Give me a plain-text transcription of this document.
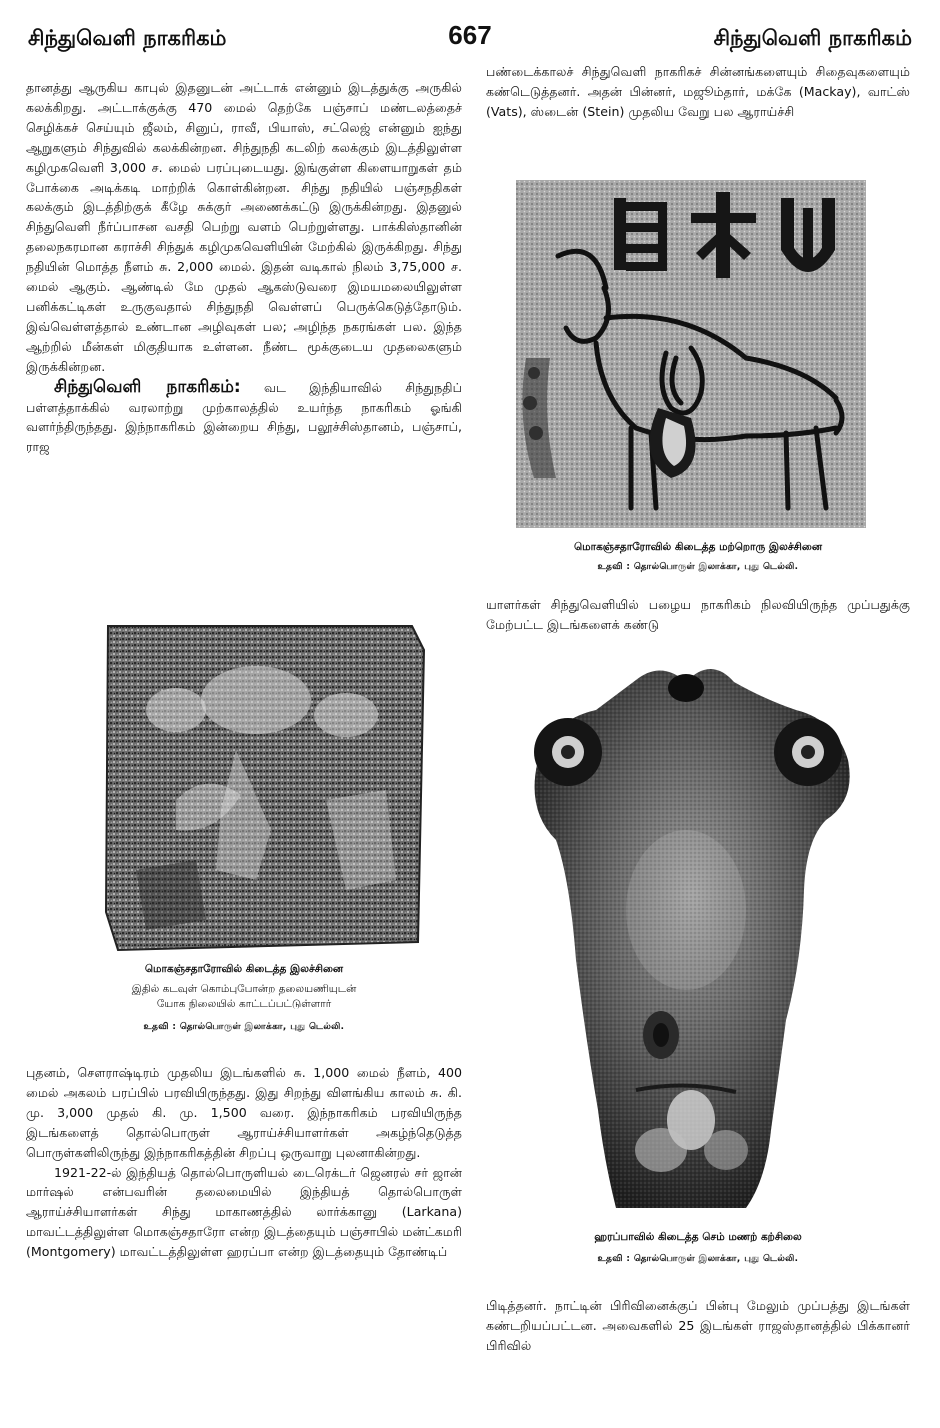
சிந்துவெளி நாகரிகம்	667	சிந்துவெளி நாகரிகம்

தானத்து ஆருகிய காபுல் இதனுடன் அட்டாக் என்னும் இடத்துக்கு அருகில் கலக்கிறது. அட்டாக்குக்கு 470 மைல் தெற்கே பஞ்சாப் மண்டலத்தைச் செழிக்கச் செய்யும் ஜீலம், சினுப், ராவீ, பியாஸ், சட்லெஜ் என்னும் ஐந்து ஆறுகளும் சிந்துவில் கலக்கின்றன. சிந்துநதி கடலிற் கலக்கும் இடத்திலுள்ள கழிமுகவெளி 3,000 ச. மைல் பரப்புடையது. இங்குள்ள கிளையாறுகள் தம் போக்கை அடிக்கடி மாற்றிக் கொள்கின்றன. சிந்து நதியில் பஞ்சநதிகள் கலக்கும் இடத்திற்குக் கீழே சுக்குர் அணைக்கட்டு இருக்கின்றது. இதனுல் சிந்துவெளி நீர்ப்பாசன வசதி பெற்று வளம் பெற்றுள்ளது. பாக்கிஸ்தானின் தலைநகரமான கராச்சி சிந்துக் கழிமுகவெளியின் மேற்கில் இருக்கிறது. சிந்து நதியின் மொத்த நீளம் சு. 2,000 மைல். இதன் வடிகால் நிலம் 3,75,000 ச. மைல் ஆகும். ஆண்டில் மே முதல் ஆகஸ்டுவரை இமயமலையிலுள்ள பனிக்கட்டிகள் உருகுவதால் சிந்துநதி வெள்ளப் பெருக்கெடுத்தோடும். இவ்வெள்ளத்தால் உண்டான அழிவுகள் பல; அழிந்த நகரங்கள் பல. இந்த ஆற்றில் மீன்கள் மிகுதியாக உள்ளன. நீண்ட மூக்குடைய முதலைகளும் இருக்கின்றன.

சிந்துவெளி நாகரிகம்: வட இந்தியாவில் சிந்துநதிப் பள்ளத்தாக்கில் வரலாற்று முற்காலத்தில் உயர்ந்த நாகரிகம் ஓங்கி வளர்ந்திருந்தது. இந்நாகரிகம் இன்றைய சிந்து, பலூச்சிஸ்தானம், பஞ்சாப், ராஜ

மொகஞ்சதாரோவில் கிடைத்த இலச்சினை
இதில் கடவுள் கொம்புபோன்ற தலையணியுடன்
யோக நிலையில் காட்டப்பட்டுள்ளார்
உதவி : தொல்பொருள் இலாக்கா, புது டெல்லி.

புதனம், சௌராஷ்டிரம் முதலிய இடங்களில் சு. 1,000 மைல் நீளம், 400 மைல் அகலம் பரப்பில் பரவியிருந்தது. இது சிறந்து விளங்கிய காலம் சு. கி. மு. 3,000 முதல் கி. மு. 1,500 வரை. இந்நாகரிகம் பரவியிருந்த இடங்களைத் தொல்பொருள் ஆராய்ச்சியாளர்கள் அகழ்ந்தெடுத்த பொருள்களிலிருந்து இந்நாகரிகத்தின் சிறப்பு ஒருவாறு புலனாகின்றது.

1921-22-ல் இந்தியத் தொல்பொருளியல் டைரெக்டர் ஜெனரல் சர் ஜான் மார்ஷல் என்பவரின் தலைமையில் இந்தியத் தொல்பொருள் ஆராய்ச்சியாளர்கள் சிந்து மாகாணத்தில் லார்க்கானு (Larkana) மாவட்டத்திலுள்ள மொகஞ்சதாரோ என்ற இடத்தையும் பஞ்சாபில் மன்ட்கமரி (Montgomery) மாவட்டத்திலுள்ள ஹரப்பா என்ற இடத்தையும் தோண்டிப்

பண்டைக்காலச் சிந்துவெளி நாகரிகச் சின்னங்களையும் சிதைவுகளையும் கண்டெடுத்தனர். அதன் பின்னர், மஜூம்தார், மக்கே (Mackay), வாட்ஸ் (Vats), ஸ்டைன் (Stein) முதலிய வேறு பல ஆராய்ச்சி

மொகஞ்சதாரோவில் கிடைத்த மற்றொரு இலச்சினை
உதவி : தொல்பொருள் இலாக்கா, புது டெல்லி.

யாளர்கள் சிந்துவெளியில் பழைய நாகரிகம் நிலவியிருந்த முப்பதுக்கு மேற்பட்ட இடங்களைக் கண்டு

ஹரப்பாவில் கிடைத்த செம் மணற் கற்சிலை
உதவி : தொல்பொருள் இலாக்கா, புது டெல்லி.

பிடித்தனர். நாட்டின் பிரிவினைக்குப் பின்பு மேலும் முப்பத்து இடங்கள் கண்டறியப்பட்டன. அவைகளில் 25 இடங்கள் ராஜஸ்தானத்தில் பிக்கானர் பிரிவில்
